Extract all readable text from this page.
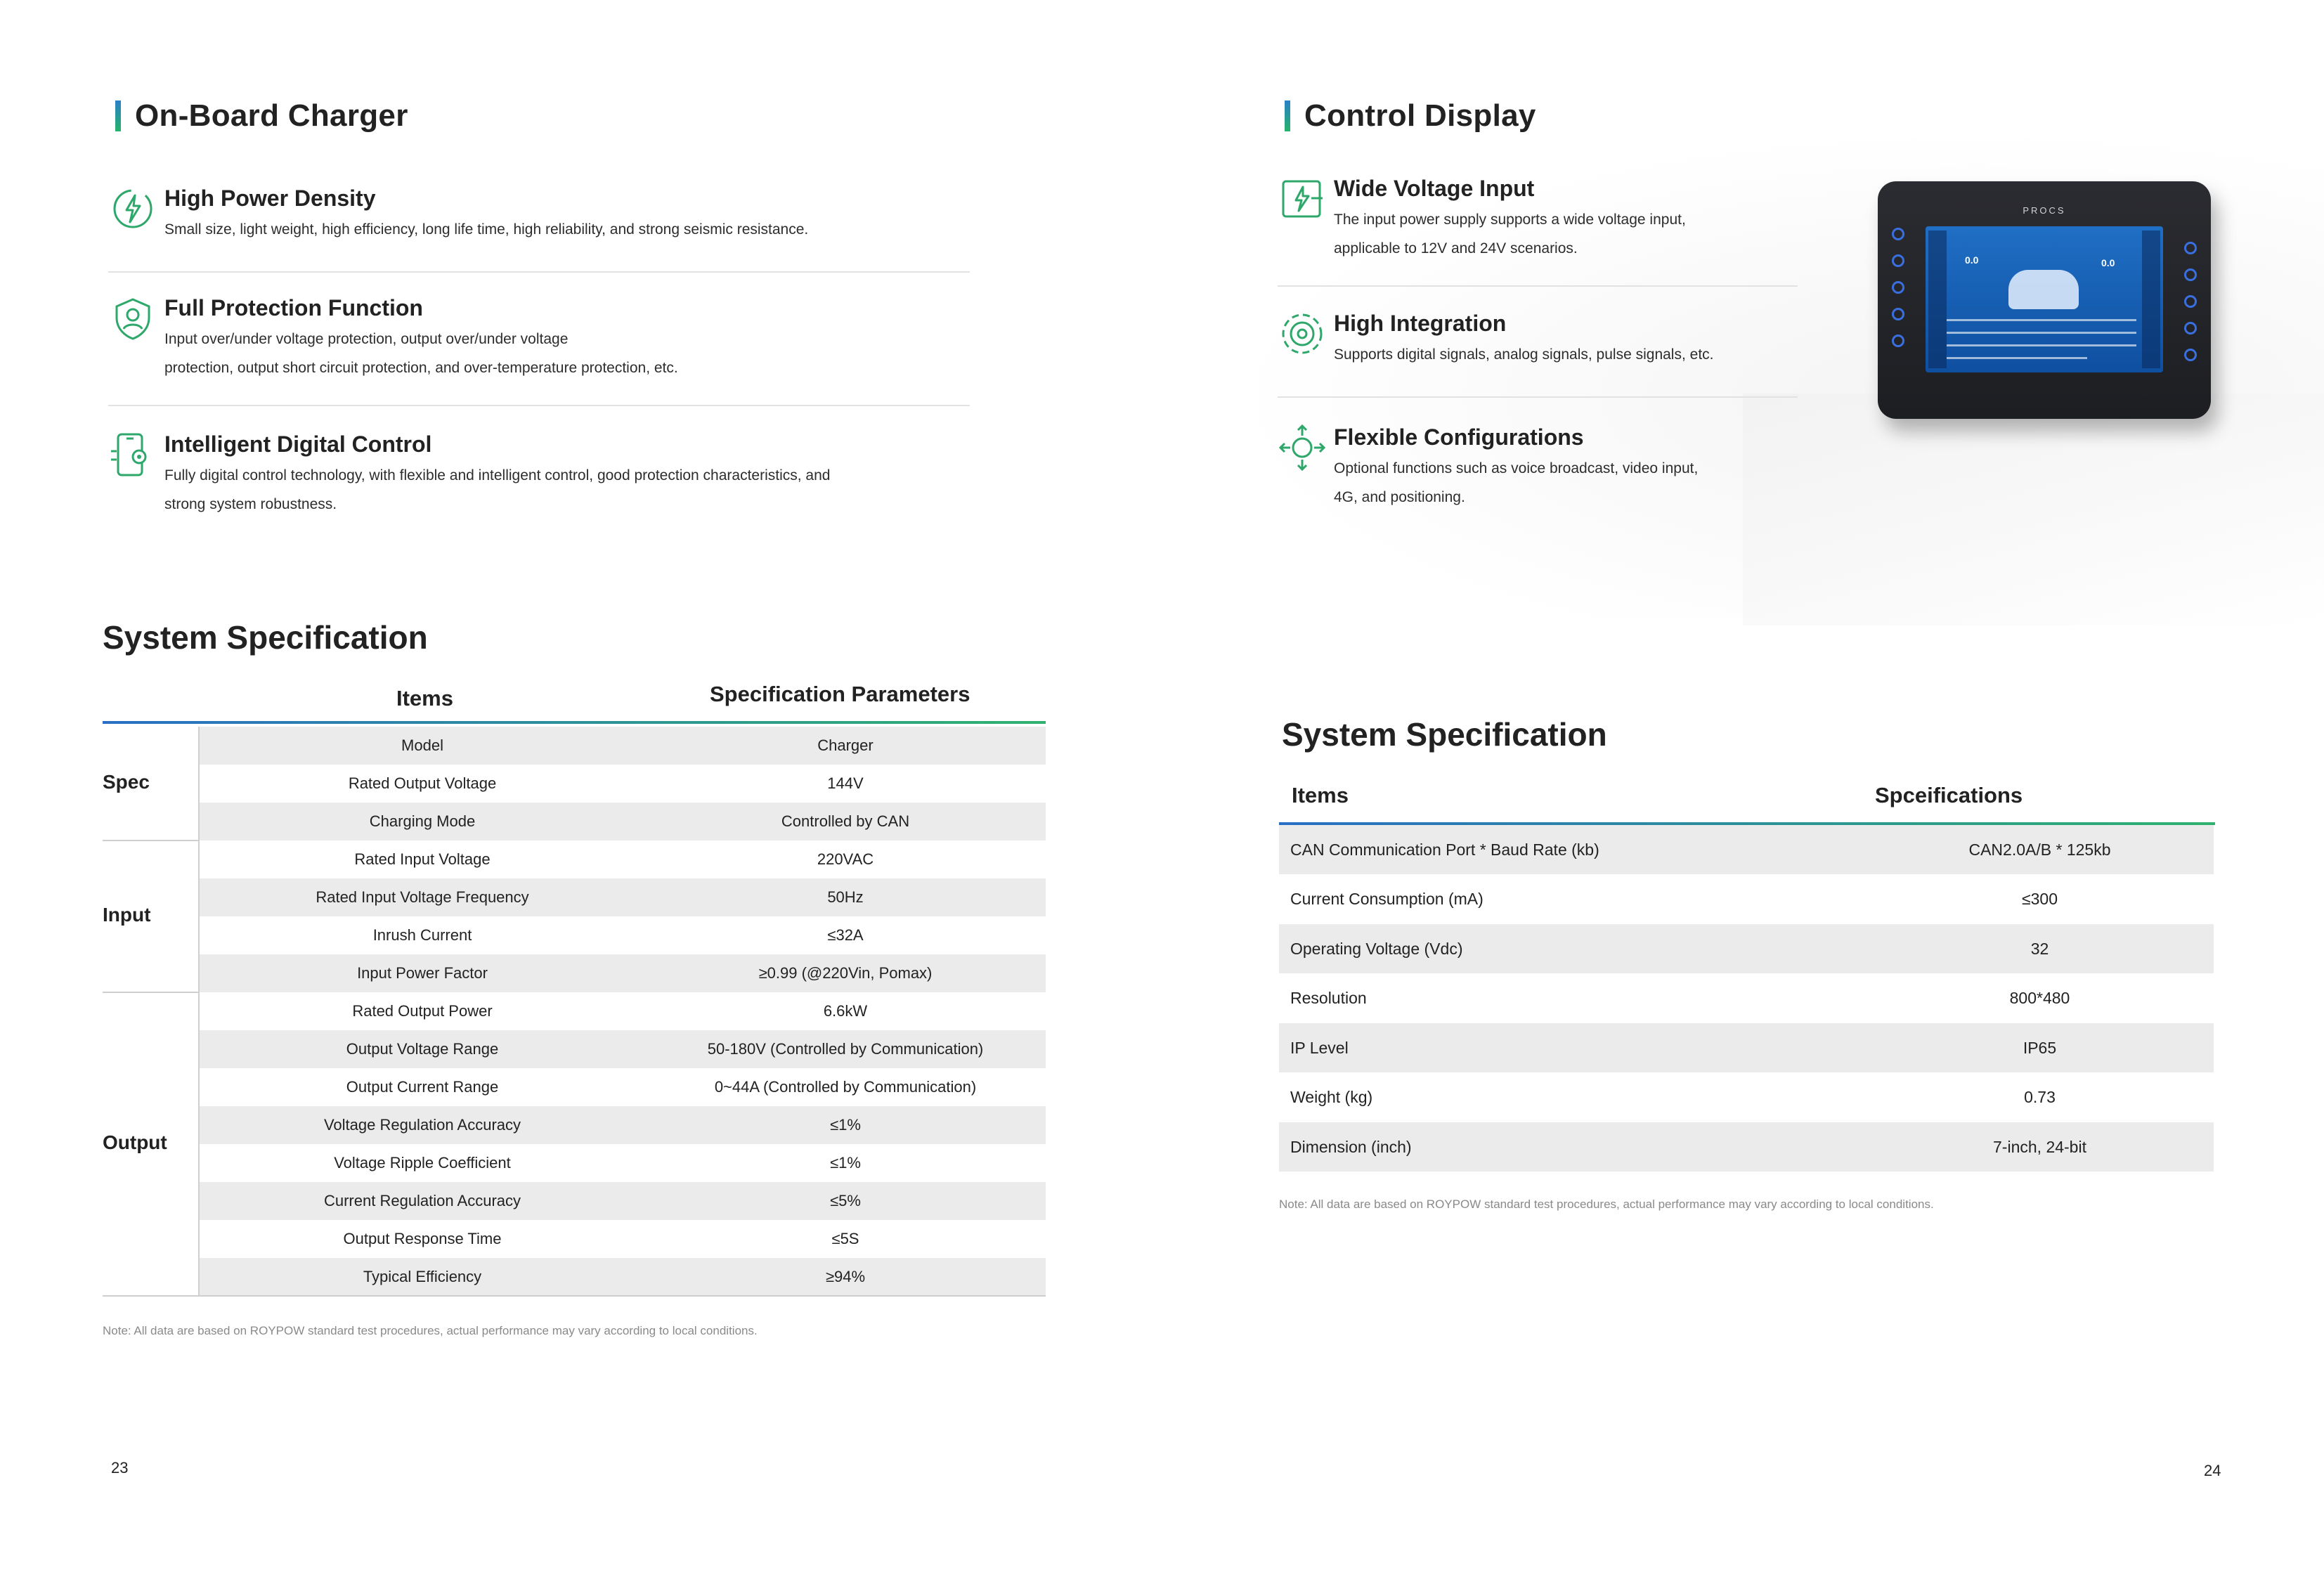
On-Board Charger
High Power Density
Small size, light weight, high efficiency, long life time, high reliability, and strong seismic resistance.
Full Protection Function
Input over/under voltage protection, output over/under voltage
protection, output short circuit protection, and over-temperature protection, etc.
Intelligent Digital Control
Fully digital control technology, with flexible and intelligent control, good protection characteristics, and
strong system robustness.
System Specification
Items	Specification Parameters
Model	Charger
Rated Output Voltage	144V
Charging Mode	Controlled by CAN
Spec
Rated Input Voltage	220VAC
Rated Input Voltage Frequency	50Hz
Inrush Current	≤32A
Input Power Factor	≥0.99 (@220Vin, Pomax)
Input
Rated Output Power	6.6kW
Output Voltage Range	50-180V (Controlled by Communication)
Output Current Range	0~44A (Controlled by Communication)
Voltage Regulation Accuracy	≤1%
Voltage Ripple Coefficient	≤1%
Current Regulation Accuracy	≤5%
Output Response Time	≤5S
Typical Efficiency	≥94%
Output
Note: All data are based on ROYPOW standard test procedures, actual performance may vary according to local conditions.
23
Control Display
Wide Voltage Input
The input power supply supports a wide voltage input,
applicable to 12V and 24V scenarios.
High Integration
Supports digital signals, analog signals, pulse signals, etc.
Flexible Configurations
Optional functions such as voice broadcast, video input,
4G, and positioning.
PROCS
0.0	0.0
System Specification
Items	Spceifications
CAN Communication Port * Baud Rate (kb)	CAN2.0A/B * 125kb
Current Consumption (mA)	≤300
Operating Voltage (Vdc)	32
Resolution	800*480
IP Level	IP65
Weight (kg)	0.73
Dimension (inch)	7-inch, 24-bit
Note: All data are based on ROYPOW standard test procedures, actual performance may vary according to local conditions.
24
